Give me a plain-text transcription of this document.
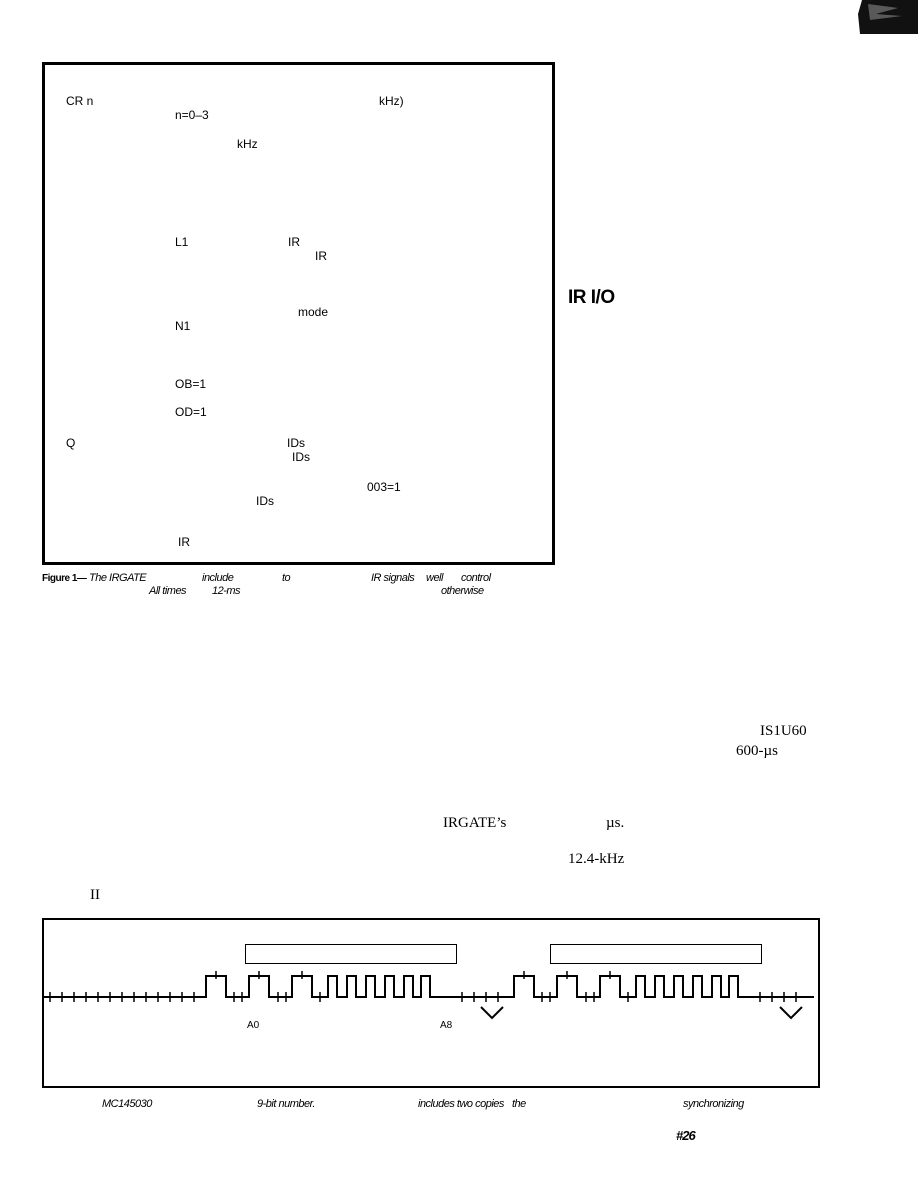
CR n	kHz)
n=0–3
kHz
L1	IR
IR
mode
N1
OB=1
OD=1
Q	IDs
IDs
003=1
IDs
IR
Figure 1— The IRGATE	include	to	IR signals well control
All times 12-ms	otherwise
IR I/O
IS1U60
600-µs
IRGATE’s	µs.
12.4-kHz
II
A0	A8
MC145030	9-bit number.	includes two copies the	synchronizing
#26
